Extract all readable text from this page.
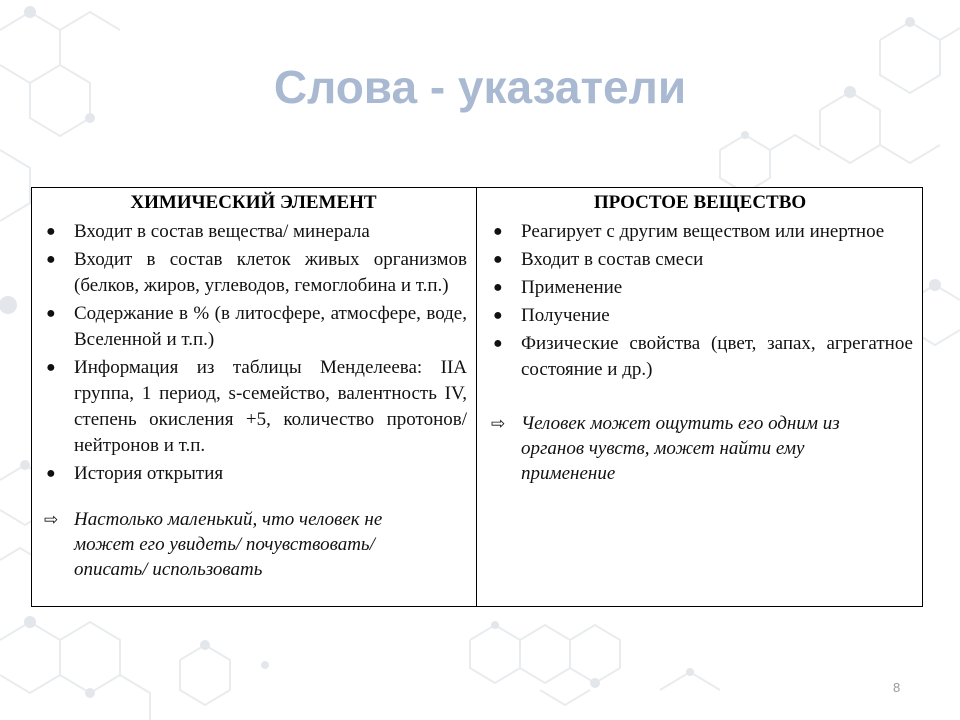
Слова - указатели
ХИМИЧЕСКИЙ ЭЛЕМЕНТ
● Входит в состав вещества/ минерала
● Входит в состав клеток живых организмов (белков, жиров, углеводов, гемоглобина и т.п.)
● Содержание в % (в литосфере, атмосфере, воде, Вселенной и т.п.)
● Информация из таблицы Менделеева: IIA группа, 1 период, s-семейство, валентность IV, степень окисления +5, количество протонов/нейтронов и т.п.
● История открытия
⇨ Настолько маленький, что человек не может его увидеть/ почувствовать/ описать/ использовать
ПРОСТОЕ ВЕЩЕСТВО
● Реагирует с другим веществом или инертное
● Входит в состав смеси
● Применение
● Получение
● Физические свойства (цвет, запах, агрегатное состояние и др.)
⇨ Человек может ощутить его одним из органов чувств, может найти ему применение
8
